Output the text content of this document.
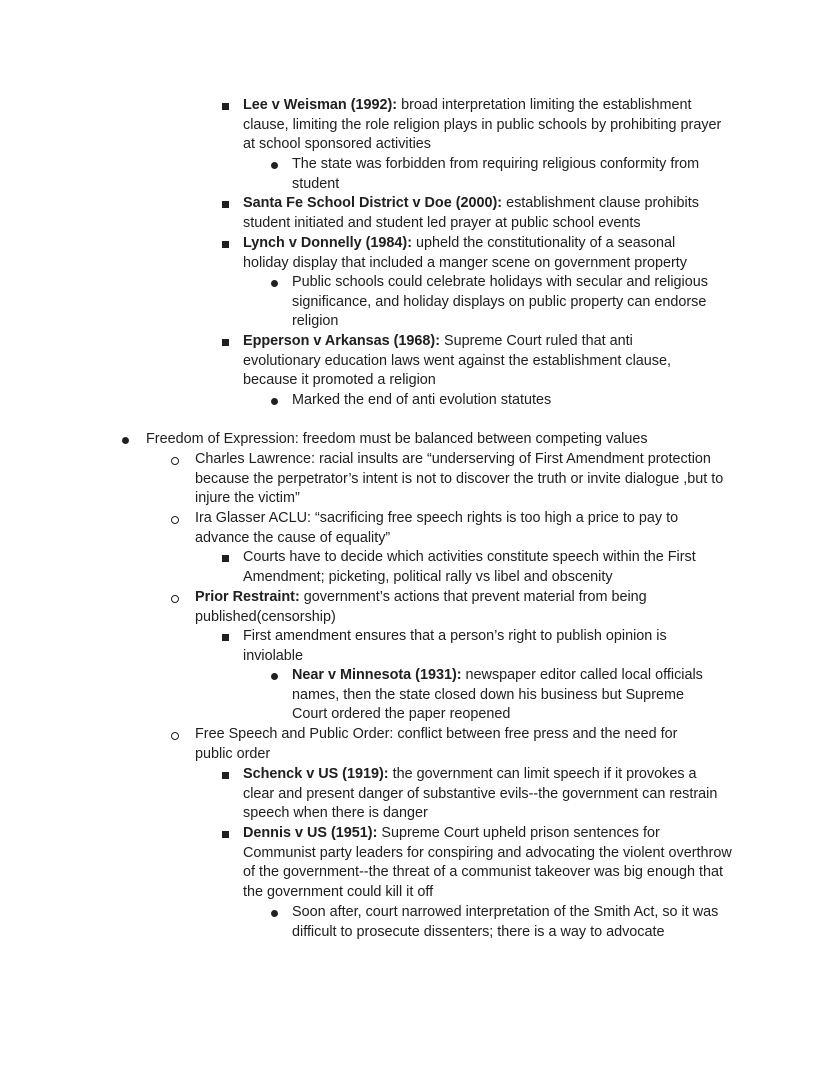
Lee v Weisman (1992): broad interpretation limiting the establishment clause, limiting the role religion plays in public schools by prohibiting prayer at school sponsored activities
The state was forbidden from requiring religious conformity from student
Santa Fe School District v Doe (2000): establishment clause prohibits student initiated and student led prayer at public school events
Lynch v Donnelly (1984): upheld the constitutionality of a seasonal holiday display that included a manger scene on government property
Public schools could celebrate holidays with secular and religious significance, and holiday displays on public property can endorse religion
Epperson v Arkansas (1968): Supreme Court ruled that anti evolutionary education laws went against the establishment clause, because it promoted a religion
Marked the end of anti evolution statutes
Freedom of Expression: freedom must be balanced between competing values
Charles Lawrence: racial insults are “underserving of First Amendment protection because the perpetrator’s intent is not to discover the truth or invite dialogue ,but to injure the victim”
Ira Glasser ACLU: “sacrificing free speech rights is too high a price to pay to advance the cause of equality”
Courts have to decide which activities constitute speech within the First Amendment; picketing, political rally vs libel and obscenity
Prior Restraint: government’s actions that prevent material from being published(censorship)
First amendment ensures that a person’s right to publish opinion is inviolable
Near v Minnesota (1931): newspaper editor called local officials names, then the state closed down his business but Supreme Court ordered the paper reopened
Free Speech and Public Order: conflict between free press and the need for public order
Schenck v US (1919): the government can limit speech if it provokes a clear and present danger of substantive evils--the government can restrain speech when there is danger
Dennis v US (1951): Supreme Court upheld prison sentences for Communist party leaders for conspiring and advocating the violent overthrow of the government--the threat of a communist takeover was big enough that the government could kill it off
Soon after, court narrowed interpretation of the Smith Act, so it was difficult to prosecute dissenters; there is a way to advocate
